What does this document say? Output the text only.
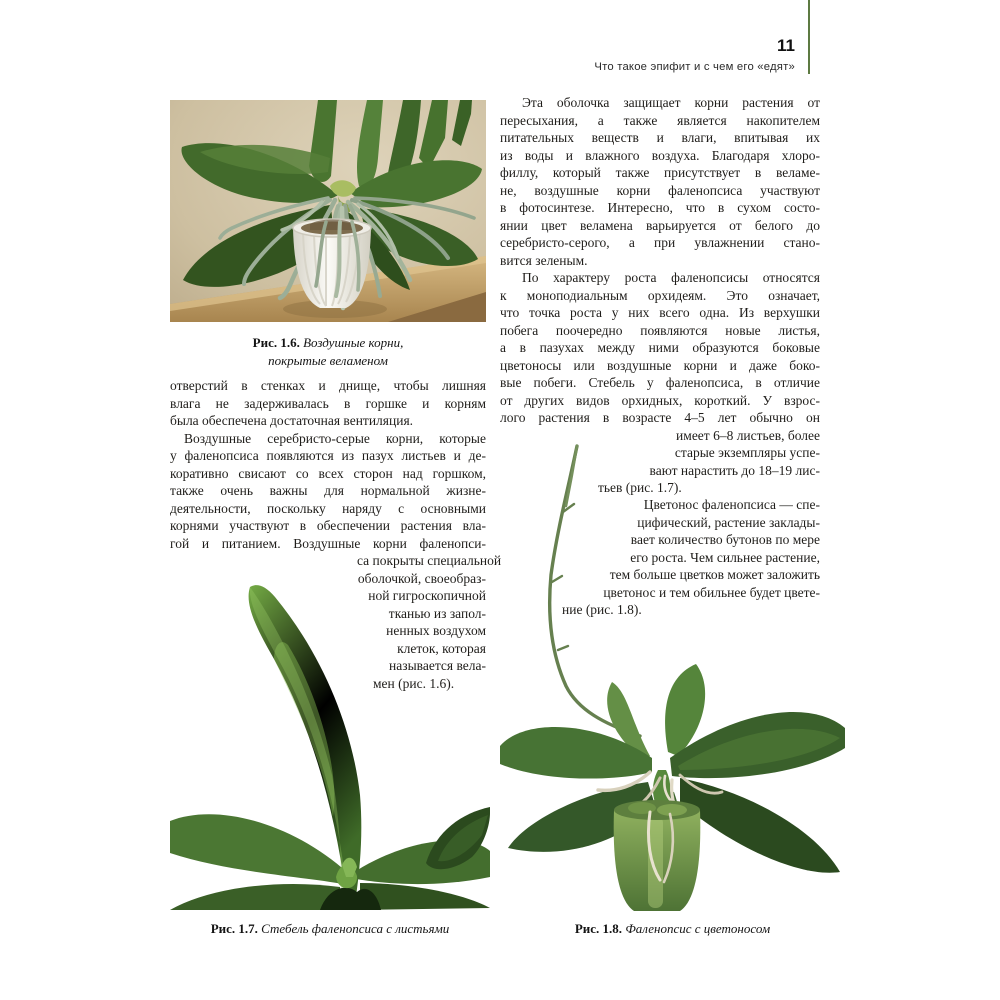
11
Что такое эпифит и с чем его «едят»
Рис. 1.6. Воздушные корни,
покрытые веламеном
Рис. 1.7. Стебель фаленопсиса с листьями	Рис. 1.8. Фаленопсис с цветоносом
отверстий в стенках и днище, чтобы лишняя
влага не задерживалась в горшке и корням
была обеспечена достаточная вентиляция.
Воздушные серебристо-серые корни, которые
у фаленопсиса появляются из пазух листьев и де-
коративно свисают со всех сторон над горшком,
также очень важны для нормальной жизне-
деятельности, поскольку наряду с основными
корнями участвуют в обеспечении растения вла-
гой и питанием. Воздушные корни фаленопси-
са покрыты специальной
оболочкой, своеобраз-
ной гигроскопичной
тканью из запол-
ненных воздухом
клеток, которая
называется вела-
мен (рис. 1.6).
Эта оболочка защищает корни растения от
пересыхания, а также является накопителем
питательных веществ и влаги, впитывая их
из воды и влажного воздуха. Благодаря хлоро-
филлу, который также присутствует в веламе-
не, воздушные корни фаленопсиса участвуют
в фотосинтезе. Интересно, что в сухом состо-
янии цвет веламена варьируется от белого до
серебристо-серого, а при увлажнении стано-
вится зеленым.
По характеру роста фаленопсисы относятся
к моноподиальным орхидеям. Это означает,
что точка роста у них всего одна. Из верхушки
побега поочередно появляются новые листья,
а в пазухах между ними образуются боковые
цветоносы или воздушные корни и даже боко-
вые побеги. Стебель у фаленопсиса, в отличие
от других видов орхидных, короткий. У взрос-
лого растения в возрасте 4–5 лет обычно он
имеет 6–8 листьев, более
старые экземпляры успе-
вают нарастить до 18–19 лис-
тьев (рис. 1.7).
Цветонос фаленопсиса — спе-
цифический, растение заклады-
вает количество бутонов по мере
его роста. Чем сильнее растение,
тем больше цветков может заложить
цветонос и тем обильнее будет цвете-
ние (рис. 1.8).
